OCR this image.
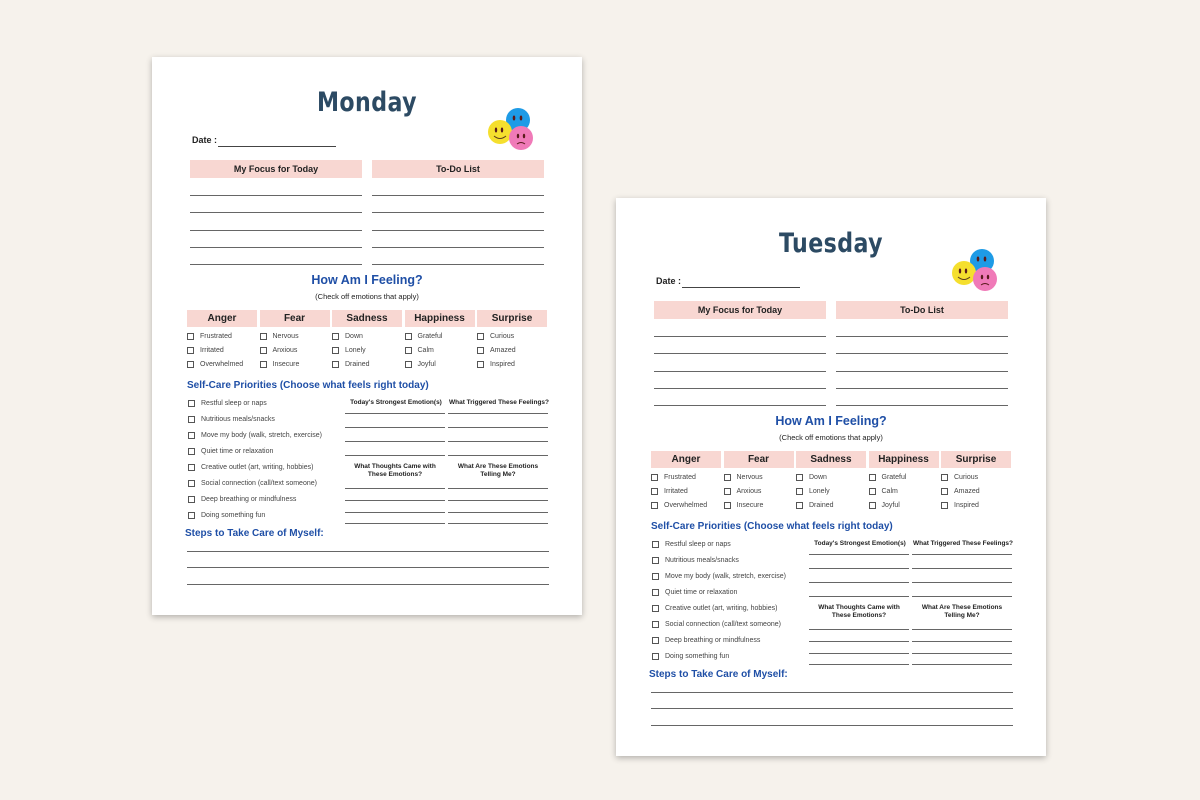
Monday
Date :
My Focus for Today	To-Do List
How Am I Feeling?
(Check off emotions that apply)
Anger
Frustrated
Irritated
Overwhelmed
Fear
Nervous
Anxious
Insecure
Sadness
Down
Lonely
Drained
Happiness
Grateful
Calm
Joyful
Surprise
Curious
Amazed
Inspired
Self-Care Priorities (Choose what feels right today)
Restful sleep or naps
Nutritious meals/snacks
Move my body (walk, stretch, exercise)
Quiet time or relaxation
Creative outlet (art, writing, hobbies)
Social connection (call/text someone)
Deep breathing or mindfulness
Doing something fun
Today's Strongest Emotion(s)
What Thoughts Came with These Emotions?
What Triggered These Feelings?
What Are These Emotions Telling Me?
Steps to Take Care of Myself:
Tuesday
Date :
My Focus for Today	To-Do List
How Am I Feeling?
(Check off emotions that apply)
Anger
Frustrated
Irritated
Overwhelmed
Fear
Nervous
Anxious
Insecure
Sadness
Down
Lonely
Drained
Happiness
Grateful
Calm
Joyful
Surprise
Curious
Amazed
Inspired
Self-Care Priorities (Choose what feels right today)
Restful sleep or naps
Nutritious meals/snacks
Move my body (walk, stretch, exercise)
Quiet time or relaxation
Creative outlet (art, writing, hobbies)
Social connection (call/text someone)
Deep breathing or mindfulness
Doing something fun
Today's Strongest Emotion(s)
What Thoughts Came with These Emotions?
What Triggered These Feelings?
What Are These Emotions Telling Me?
Steps to Take Care of Myself:
